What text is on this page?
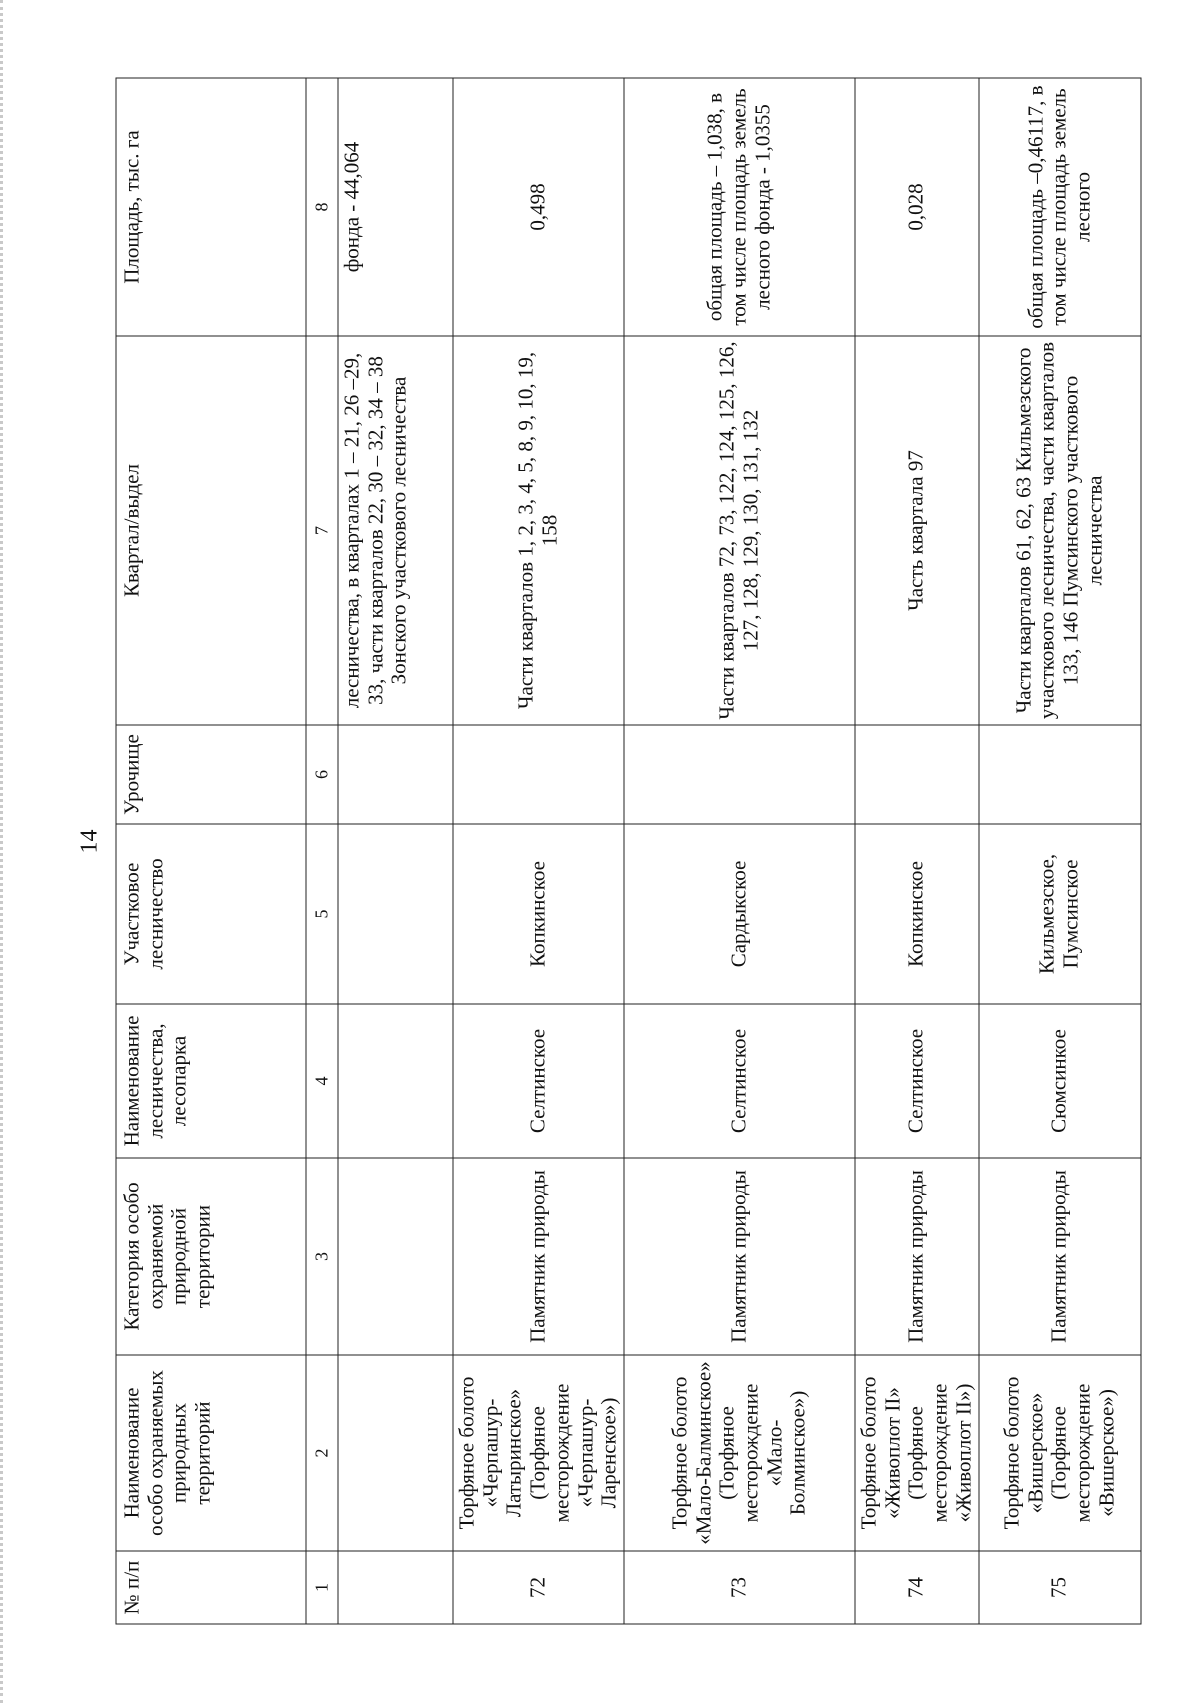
14
№ п/п	Наименование особо охраняемых природных территорий	Категория особо охраняемой природной территории	Наименование лесничества, лесопарка	Участковое лесничество	Урочище	Квартал/выдел	Площадь, тыс. га
1	2	3	4	5	6	7	8
						лесничества, в кварталах 1 – 21, 26 –29, 33, части кварталов 22, 30 – 32, 34 – 38 Зонского участкового лесничества	фонда - 44,064
72	Торфяное болото «Черпашур-Латыринское» (Торфяное месторождение «Черпашур- Ларенское»)	Памятник природы	Селтинское	Копкинское		Части кварталов 1, 2, 3, 4, 5, 8, 9, 10, 19, 158	0,498
73	Торфяное болото «Мало-Балминское» (Торфяное месторождение «Мало-Болминское»)	Памятник природы	Селтинское	Сардыкское		Части кварталов 72, 73, 122, 124, 125, 126, 127, 128, 129, 130, 131, 132	общая площадь – 1,038, в том числе площадь земель лесного фонда - 1,0355
74	Торфяное болото «Живоплот II» (Торфяное месторождение «Живоплот II»)	Памятник природы	Селтинское	Копкинское		Часть квартала 97	0,028
75	Торфяное болото «Вишерское» (Торфяное месторождение «Вишерское»)	Памятник природы	Сюмсинкое	Кильмезское, Пумсинское		Части кварталов 61, 62, 63 Кильмезского участкового лесничества, части кварталов 133, 146 Пумсинского участкового лесничества	общая площадь –0,46117, в том числе площадь земель лесного
